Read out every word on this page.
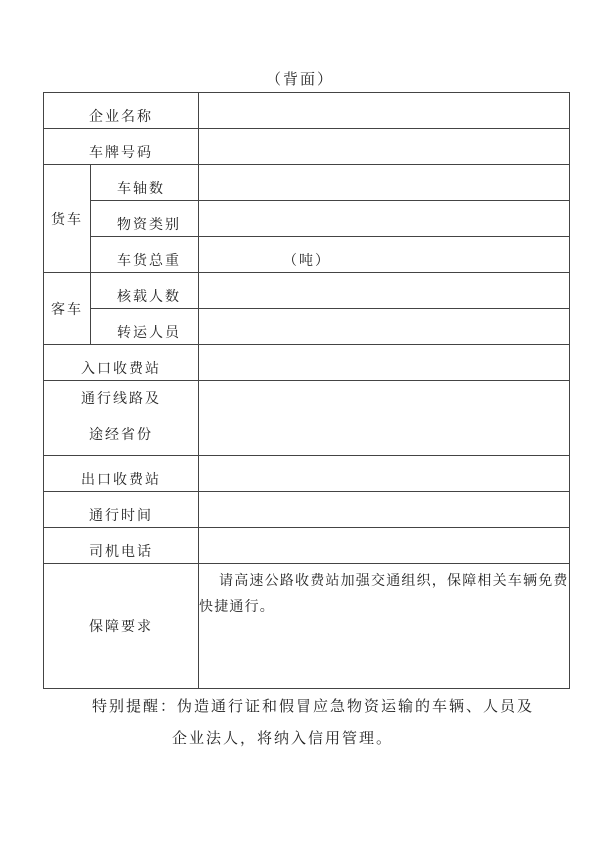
（背面）
企业名称		
车牌号码		
货车	车轴数	
	物资类别	
	车货总重	（吨）
客车	核载人数	
	转运人员	
入口收费站		

通行线路及
途经省份		

出口收费站		
通行时间		
司机电话		
保障要求		请高速公路收费站加强交通组织，保障相关车辆免费
快捷通行。
特别提醒：伪造通行证和假冒应急物资运输的车辆、人员及
企业法人，将纳入信用管理。
